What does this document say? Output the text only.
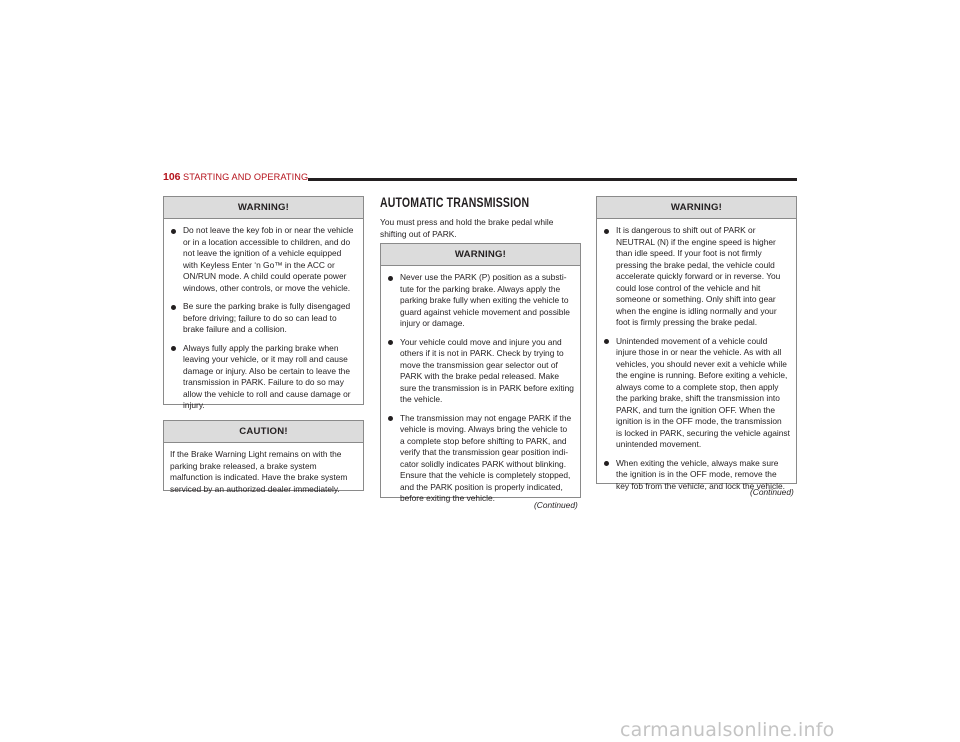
106 STARTING AND OPERATING
WARNING!
Do not leave the key fob in or near the vehicle or in a location accessible to children, and do not leave the ignition of a vehicle equipped with Keyless Enter ‘n Go™ in the ACC or ON/RUN mode. A child could operate power windows, other controls, or move the vehicle.
Be sure the parking brake is fully disengaged before driving; failure to do so can lead to brake failure and a collision.
Always fully apply the parking brake when leaving your vehicle, or it may roll and cause damage or injury. Also be certain to leave the transmission in PARK. Failure to do so may allow the vehicle to roll and cause damage or injury.
CAUTION!
If the Brake Warning Light remains on with the parking brake released, a brake system malfunction is indicated. Have the brake system serviced by an authorized dealer immediately.
AUTOMATIC TRANSMISSION
You must press and hold the brake pedal while shifting out of PARK.
WARNING!
Never use the PARK (P) position as a substi-tute for the parking brake. Always apply the parking brake fully when exiting the vehicle to guard against vehicle movement and possible injury or damage.
Your vehicle could move and injure you and others if it is not in PARK. Check by trying to move the transmission gear selector out of PARK with the brake pedal released. Make sure the transmission is in PARK before exiting the vehicle.
The transmission may not engage PARK if the vehicle is moving. Always bring the vehicle to a complete stop before shifting to PARK, and verify that the transmission gear position indi-cator solidly indicates PARK without blinking. Ensure that the vehicle is completely stopped, and the PARK position is properly indicated, before exiting the vehicle.
(Continued)
WARNING!
It is dangerous to shift out of PARK or NEUTRAL (N) if the engine speed is higher than idle speed. If your foot is not firmly pressing the brake pedal, the vehicle could accelerate quickly forward or in reverse. You could lose control of the vehicle and hit someone or something. Only shift into gear when the engine is idling normally and your foot is firmly pressing the brake pedal.
Unintended movement of a vehicle could injure those in or near the vehicle. As with all vehicles, you should never exit a vehicle while the engine is running. Before exiting a vehicle, always come to a complete stop, then apply the parking brake, shift the transmission into PARK, and turn the ignition OFF. When the ignition is in the OFF mode, the transmission is locked in PARK, securing the vehicle against unintended movement.
When exiting the vehicle, always make sure the ignition is in the OFF mode, remove the key fob from the vehicle, and lock the vehicle.
(Continued)
carmanualsonline.info
